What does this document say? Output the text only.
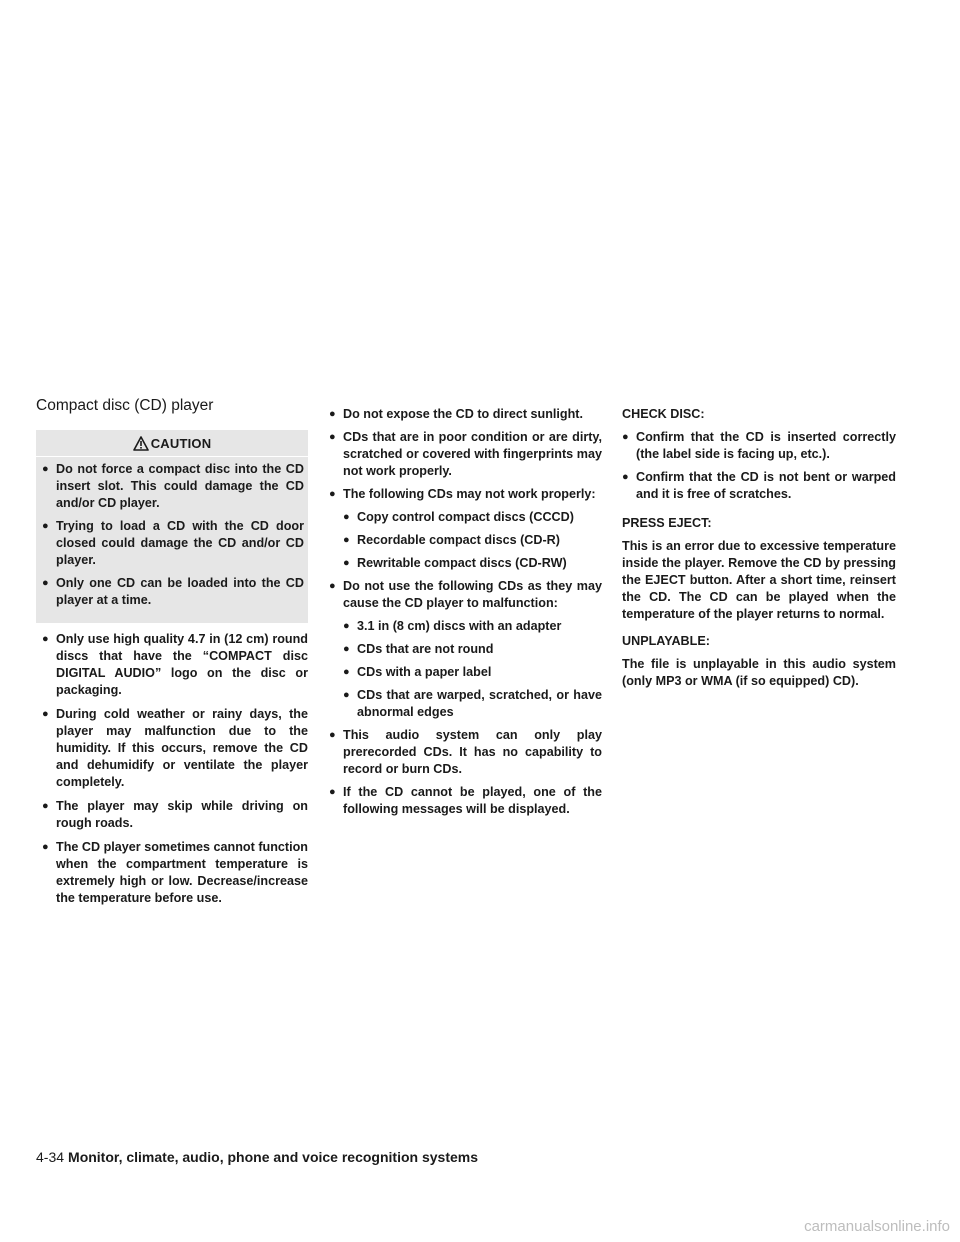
Compact disc (CD) player
CAUTION
● Do not force a compact disc into the CD insert slot. This could damage the CD and/or CD player.
● Trying to load a CD with the CD door closed could damage the CD and/or CD player.
● Only one CD can be loaded into the CD player at a time.
● Only use high quality 4.7 in (12 cm) round discs that have the “COMPACT disc DIGITAL AUDIO” logo on the disc or packaging.
● During cold weather or rainy days, the player may malfunction due to the humidity. If this occurs, remove the CD and dehumidify or ventilate the player completely.
● The player may skip while driving on rough roads.
● The CD player sometimes cannot function when the compartment temperature is extremely high or low. Decrease/increase the temperature before use.
● Do not expose the CD to direct sunlight.
● CDs that are in poor condition or are dirty, scratched or covered with fingerprints may not work properly.
● The following CDs may not work properly:
● Copy control compact discs (CCCD)
● Recordable compact discs (CD-R)
● Rewritable compact discs (CD-RW)
● Do not use the following CDs as they may cause the CD player to malfunction:
● 3.1 in (8 cm) discs with an adapter
● CDs that are not round
● CDs with a paper label
● CDs that are warped, scratched, or have abnormal edges
● This audio system can only play prerecorded CDs. It has no capability to record or burn CDs.
● If the CD cannot be played, one of the following messages will be displayed.
CHECK DISC:
● Confirm that the CD is inserted correctly (the label side is facing up, etc.).
● Confirm that the CD is not bent or warped and it is free of scratches.
PRESS EJECT:
This is an error due to excessive temperature inside the player. Remove the CD by pressing the EJECT button. After a short time, reinsert the CD. The CD can be played when the temperature of the player returns to normal.
UNPLAYABLE:
The file is unplayable in this audio system (only MP3 or WMA (if so equipped) CD).
4-34 Monitor, climate, audio, phone and voice recognition systems
carmanualsonline.info
